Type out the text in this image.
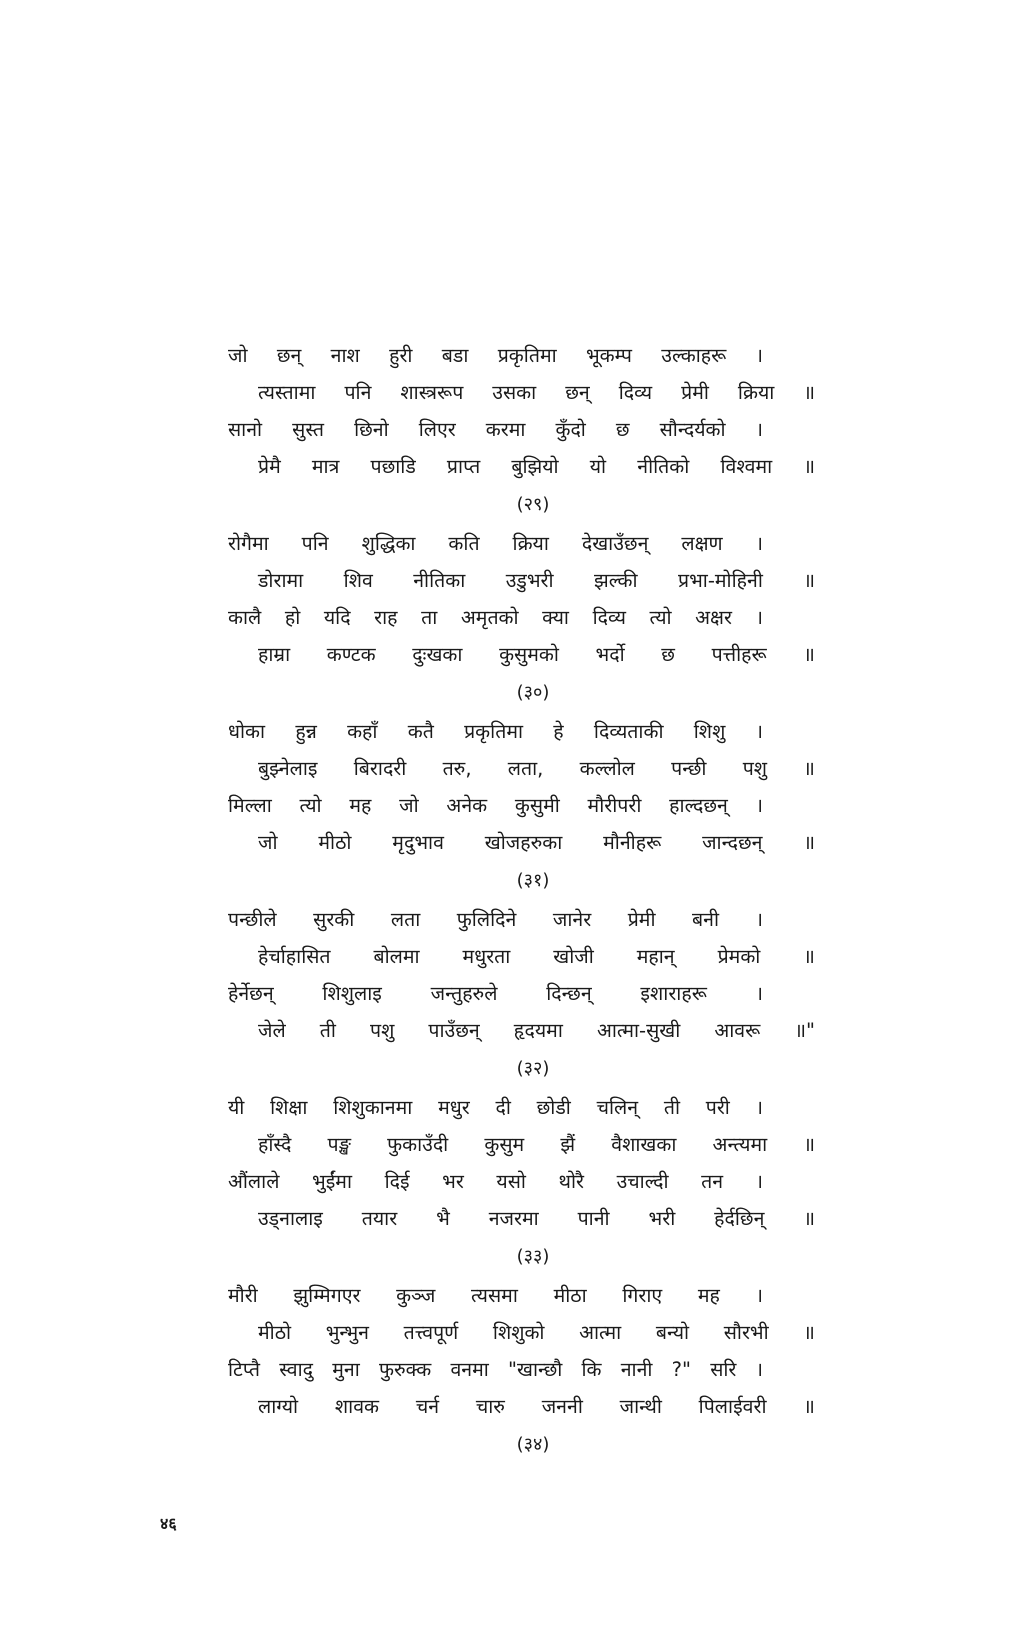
जो छन् नाश हुरी बडा प्रकृतिमा भूकम्प उल्काहरू ।
त्यस्तामा पनि शास्त्ररूप उसका छन् दिव्य प्रेमी क्रिया ॥
सानो सुस्त छिनो लिएर करमा कुँदो छ सौन्दर्यको ।
प्रेमै मात्र पछाडि प्राप्त बुझियो यो नीतिको विश्वमा ॥
(२९)
रोगैमा पनि शुद्धिका कति क्रिया देखाउँछन् लक्षण ।
डोरामा शिव नीतिका उडुभरी झल्की प्रभा-मोहिनी ॥
कालै हो यदि राह ता अमृतको क्या दिव्य त्यो अक्षर ।
हाम्रा कण्टक दुःखका कुसुमको भर्दो छ पत्तीहरू ॥
(३०)
धोका हुन्न कहाँ कतै प्रकृतिमा हे दिव्यताकी शिशु ।
बुझ्नेलाइ बिरादरी तरु, लता, कल्लोल पन्छी पशु ॥
मिल्ला त्यो मह जो अनेक कुसुमी मौरीपरी हाल्दछन् ।
जो मीठो मृदुभाव खोजहरुका मौनीहरू जान्दछन् ॥
(३१)
पन्छीले सुरकी लता फुलिदिने जानेर प्रेमी बनी ।
हेर्चाहासित बोलमा मधुरता खोजी महान् प्रेमको ॥
हेर्नेछन् शिशुलाइ जन्तुहरुले दिन्छन् इशाराहरू ।
जेले ती पशु पाउँछन् हृदयमा आत्मा-सुखी आवरू ॥"
(३२)
यी शिक्षा शिशुकानमा मधुर दी छोडी चलिन् ती परी ।
हाँस्दै पङ्ख फुकाउँदी कुसुम झैं वैशाखका अन्त्यमा ॥
औंलाले भुईंमा दिई भर यसो थोरै उचाल्दी तन ।
उड्नालाइ तयार भै नजरमा पानी भरी हेर्दछिन् ॥
(३३)
मौरी झुम्मिगएर कुञ्ज त्यसमा मीठा गिराए मह ।
मीठो भुन्भुन तत्त्वपूर्ण शिशुको आत्मा बन्यो सौरभी ॥
टिप्तै स्वादु मुना फुरुक्क वनमा "खान्छौ कि नानी ?" सरि ।
लाग्यो शावक चर्न चारु जननी जान्थी पिलाईवरी ॥
(३४)
४६
